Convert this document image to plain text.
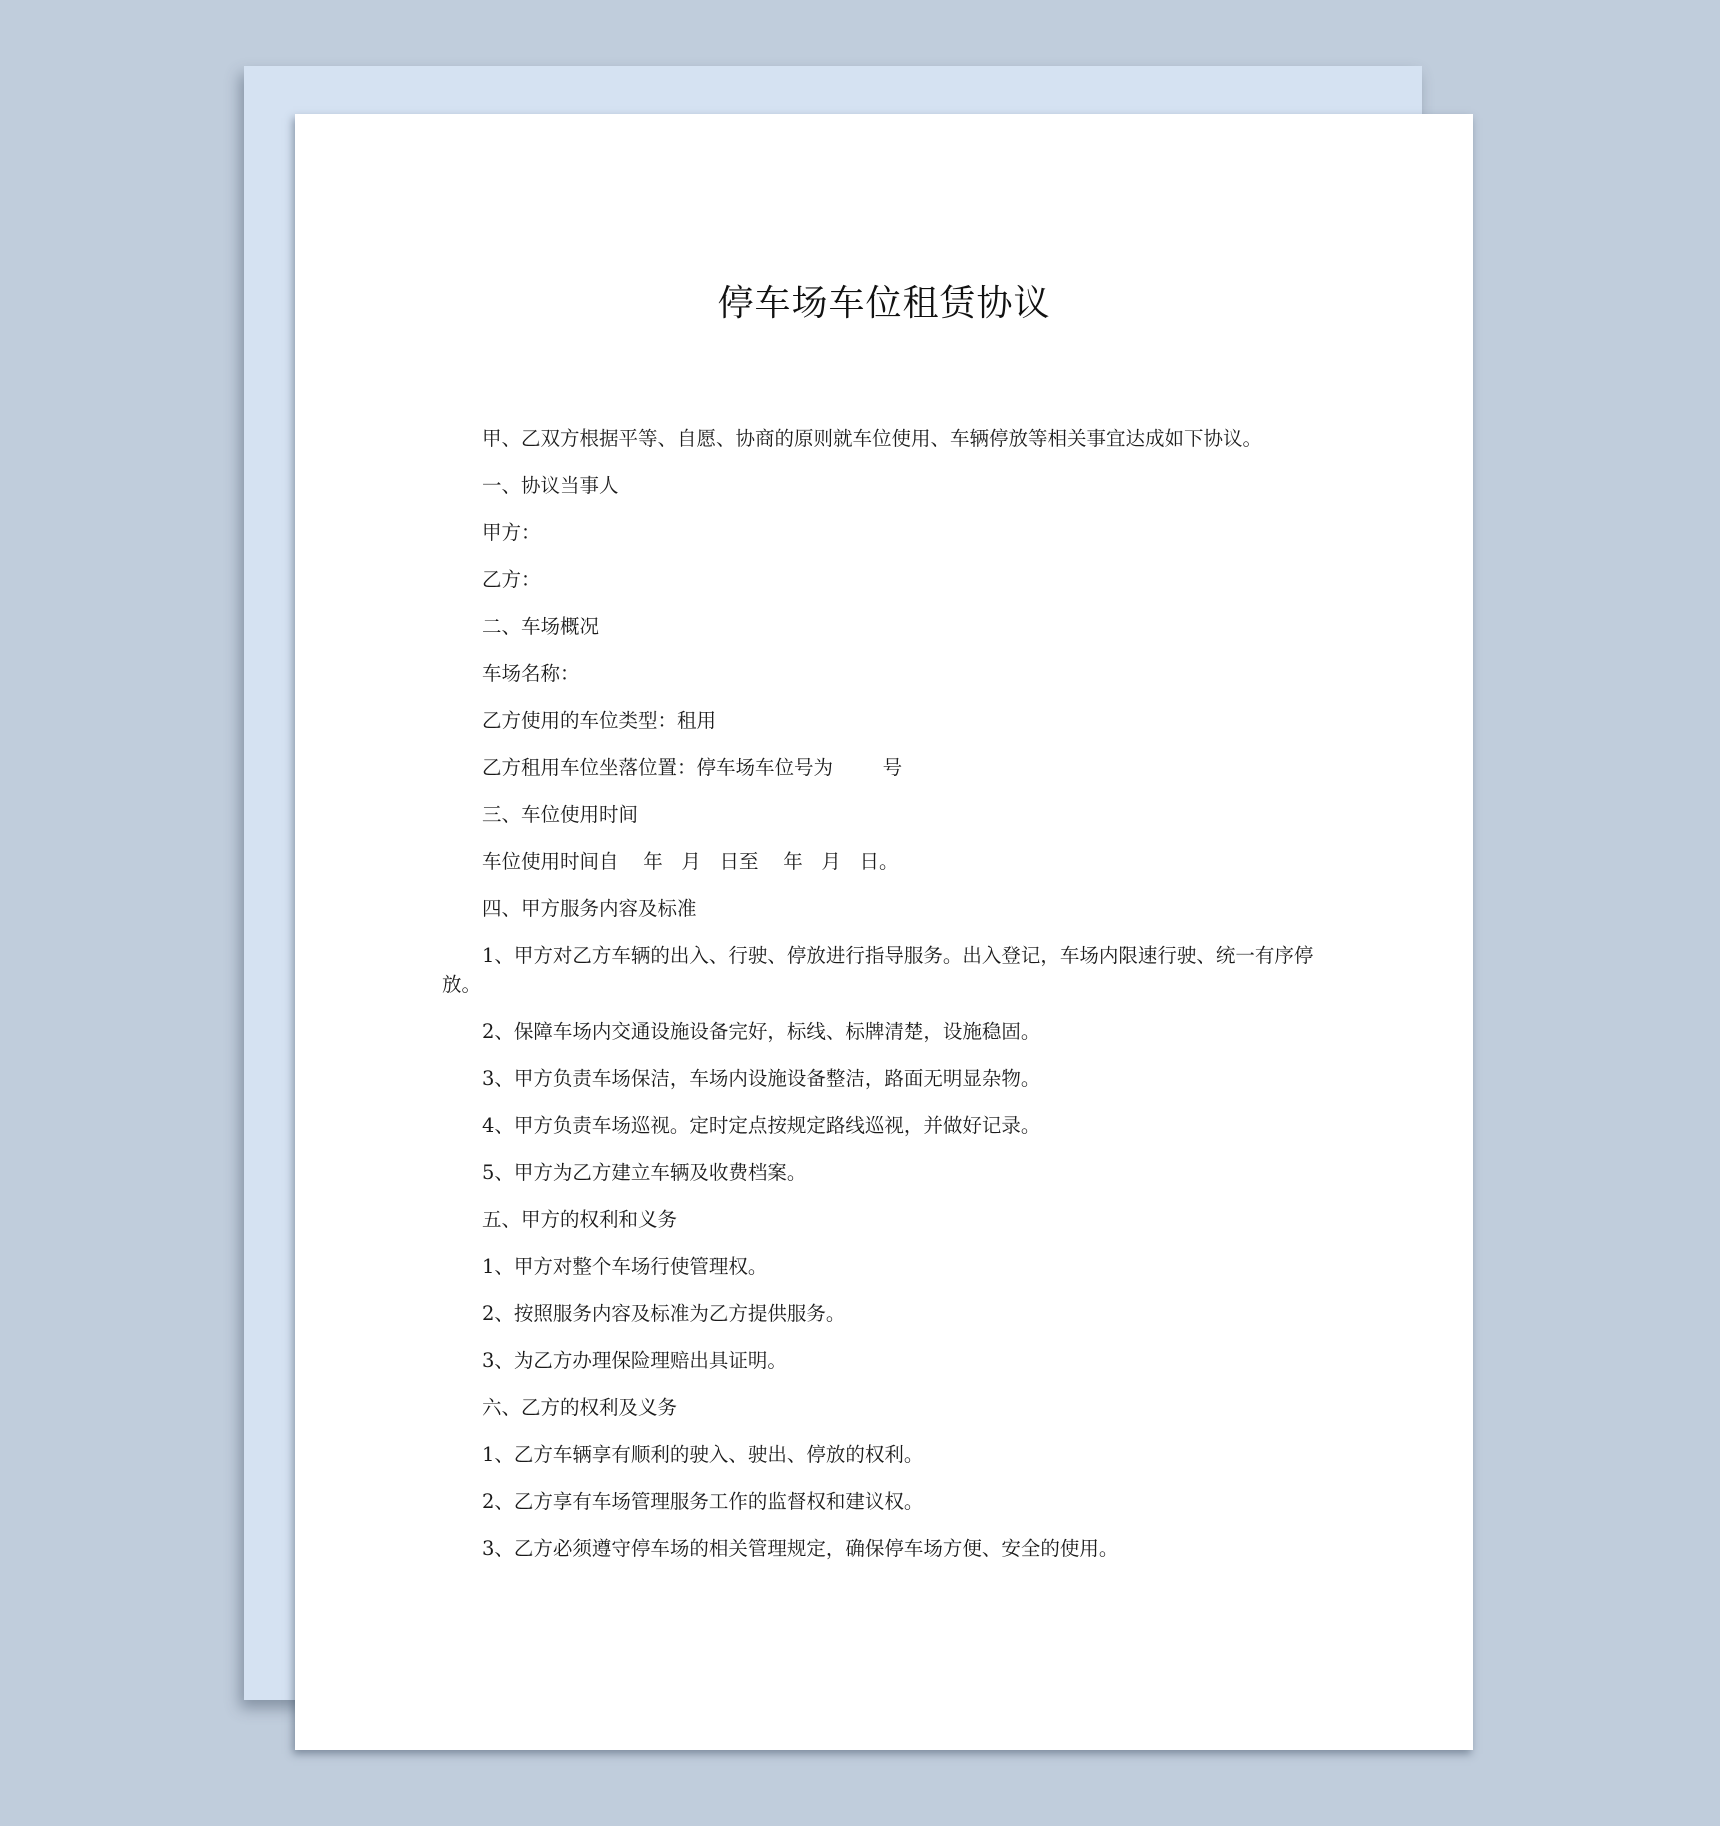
停车场车位租赁协议

甲、乙双方根据平等、自愿、协商的原则就车位使用、车辆停放等相关事宜达成如下协议。

一、协议当事人

甲方：

乙方：

二、车场概况

车场名称：

乙方使用的车位类型：租用

乙方租用车位坐落位置：停车场车位号为        号

三、车位使用时间

车位使用时间自    年   月   日至    年   月   日。

四、甲方服务内容及标准

1、甲方对乙方车辆的出入、行驶、停放进行指导服务。出入登记，车场内限速行驶、统一有序停放。

2、保障车场内交通设施设备完好，标线、标牌清楚，设施稳固。

3、甲方负责车场保洁，车场内设施设备整洁，路面无明显杂物。

4、甲方负责车场巡视。定时定点按规定路线巡视，并做好记录。

5、甲方为乙方建立车辆及收费档案。

五、甲方的权利和义务

1、甲方对整个车场行使管理权。

2、按照服务内容及标准为乙方提供服务。

3、为乙方办理保险理赔出具证明。

六、乙方的权利及义务

1、乙方车辆享有顺利的驶入、驶出、停放的权利。

2、乙方享有车场管理服务工作的监督权和建议权。

3、乙方必须遵守停车场的相关管理规定，确保停车场方便、安全的使用。
